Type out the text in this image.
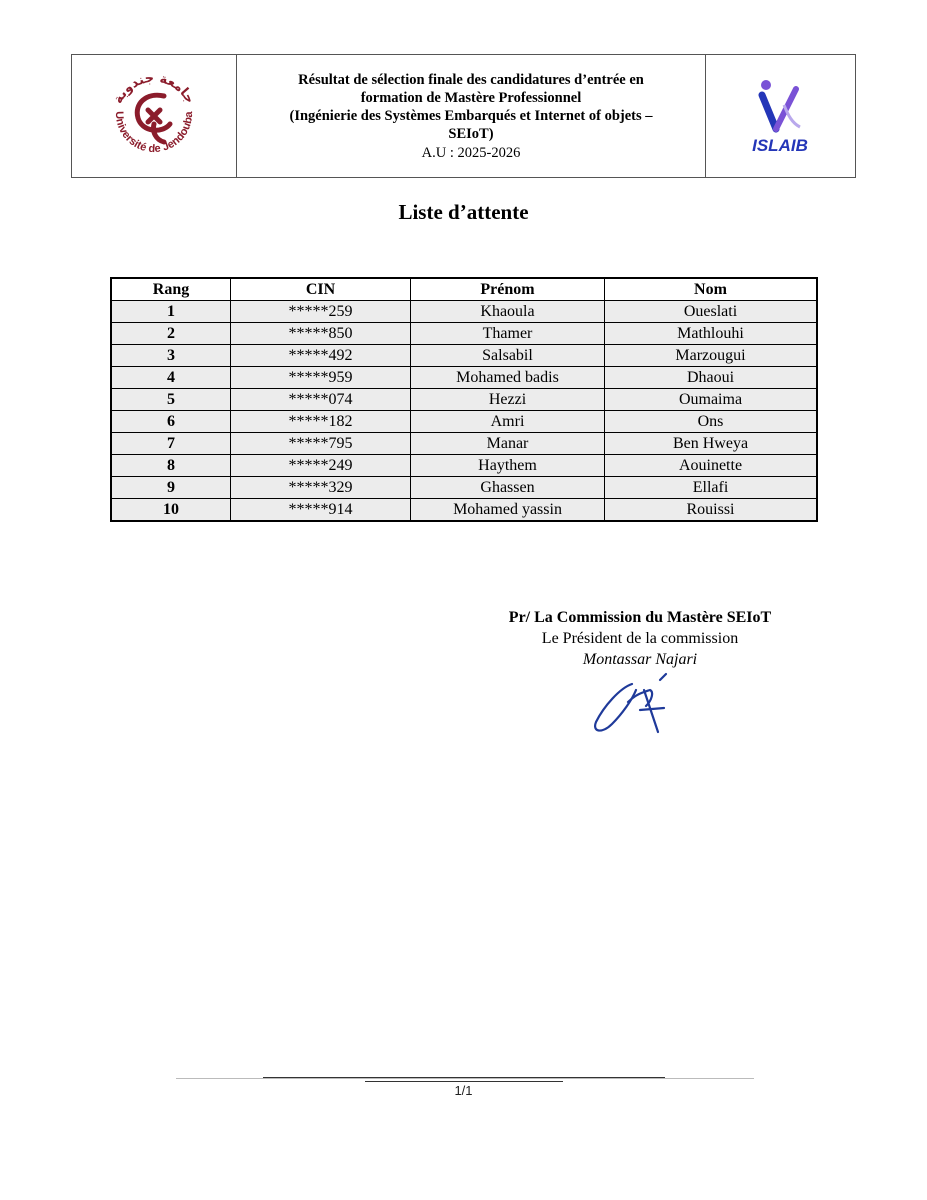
جامعة جندوبة
Université de Jendouba
Résultat de sélection finale des candidatures d’entrée en
formation de Mastère Professionnel
(Ingénierie des Systèmes Embarqués et Internet of objets –
SEIoT)
A.U : 2025-2026	ISLAIB
Liste d’attente
Rang	CIN	Prénom	Nom
1	*****259	Khaoula	Oueslati
2	*****850	Thamer	Mathlouhi
3	*****492	Salsabil	Marzougui
4	*****959	Mohamed badis	Dhaoui
5	*****074	Hezzi	Oumaima
6	*****182	Amri	Ons
7	*****795	Manar	Ben Hweya
8	*****249	Haythem	Aouinette
9	*****329	Ghassen	Ellafi
10	*****914	Mohamed yassin	Rouissi
Pr/ La Commission du Mastère SEIoT
Le Président de la commission
Montassar Najari
1/1
